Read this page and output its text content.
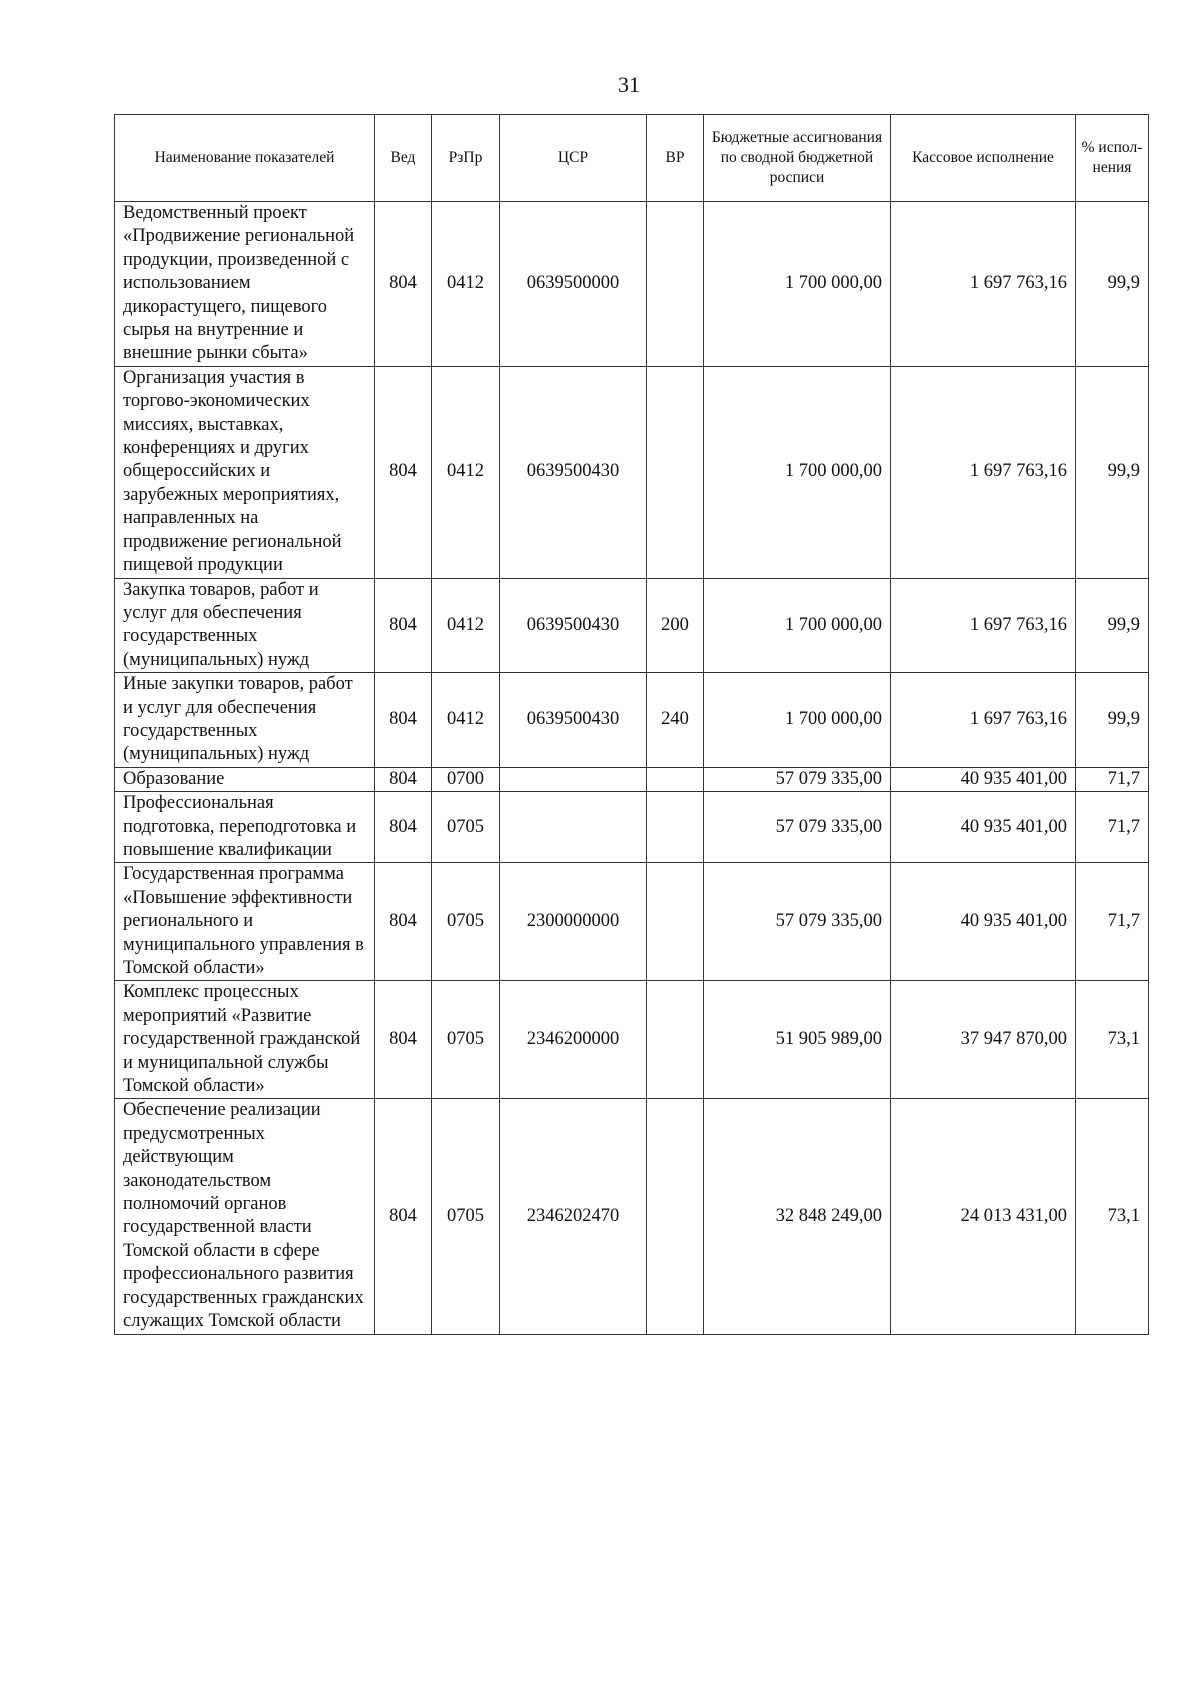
31
Наименование показателей	Вед	РзПр	ЦСР	ВР	Бюджетные ассигнования по сводной бюджетной росписи	Кассовое исполнение	% испол-нения
Ведомственный проект «Продвижение региональной продукции, произведенной с использованием дикорастущего, пищевого сырья на внутренние и внешние рынки сбыта»	804	0412	0639500000		1 700 000,00	1 697 763,16	99,9
Организация участия в торгово-экономических миссиях, выставках, конференциях и других общероссийских и зарубежных мероприятиях, направленных на продвижение региональной пищевой продукции	804	0412	0639500430		1 700 000,00	1 697 763,16	99,9
Закупка товаров, работ и услуг для обеспечения государственных (муниципальных) нужд	804	0412	0639500430	200	1 700 000,00	1 697 763,16	99,9
Иные закупки товаров, работ и услуг для обеспечения государственных (муниципальных) нужд	804	0412	0639500430	240	1 700 000,00	1 697 763,16	99,9
Образование	804	0700			57 079 335,00	40 935 401,00	71,7
Профессиональная подготовка, переподготовка и повышение квалификации	804	0705			57 079 335,00	40 935 401,00	71,7
Государственная программа «Повышение эффективности регионального и муниципального управления в Томской области»	804	0705	2300000000		57 079 335,00	40 935 401,00	71,7
Комплекс процессных мероприятий «Развитие государственной гражданской и муниципальной службы Томской области»	804	0705	2346200000		51 905 989,00	37 947 870,00	73,1
Обеспечение реализации предусмотренных действующим законодательством полномочий органов государственной власти Томской области в сфере профессионального развития государственных гражданских служащих Томской области	804	0705	2346202470		32 848 249,00	24 013 431,00	73,1
